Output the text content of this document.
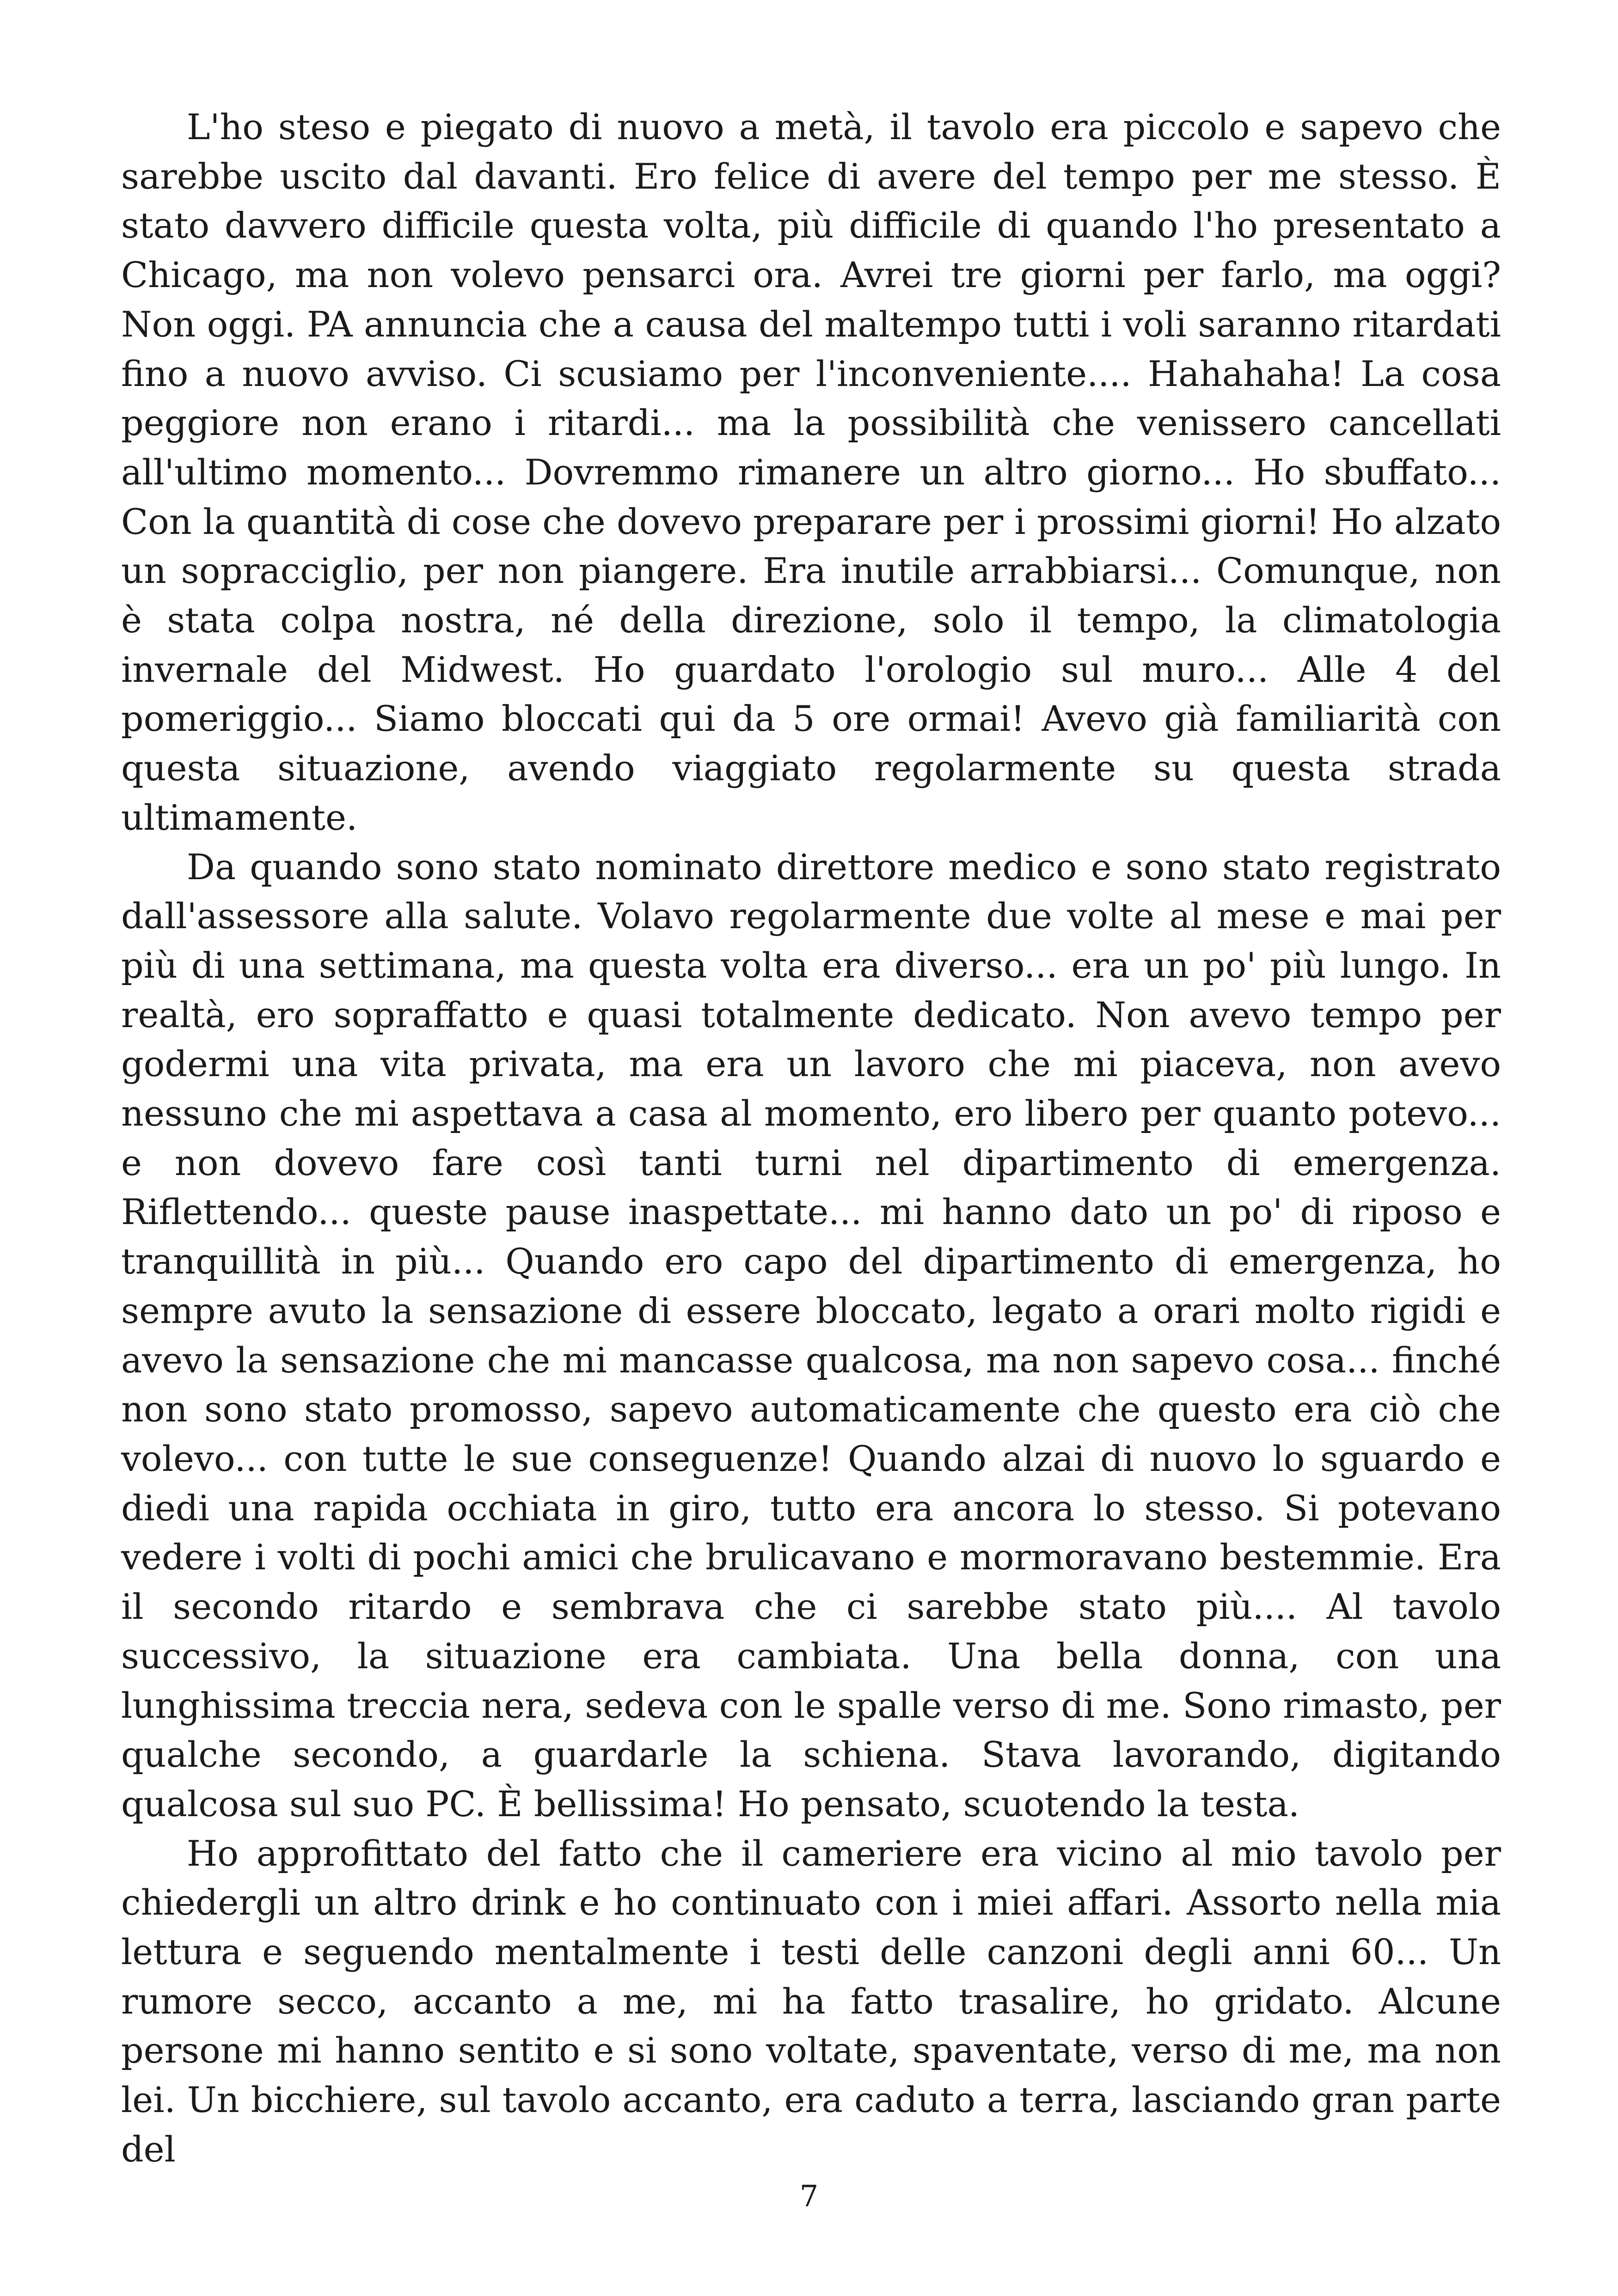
L'ho steso e piegato di nuovo a metà, il tavolo era piccolo e sapevo che sarebbe uscito dal davanti. Ero felice di avere del tempo per me stesso. È stato davvero difficile questa volta, più difficile di quando l'ho presentato a Chicago, ma non volevo pensarci ora. Avrei tre giorni per farlo, ma oggi? Non oggi. PA annuncia che a causa del maltempo tutti i voli saranno ritardati fino a nuovo avviso. Ci scusiamo per l'inconveniente.... Hahahaha! La cosa peggiore non erano i ritardi... ma la possibilità che venissero cancellati all'ultimo momento... Dovremmo rimanere un altro giorno... Ho sbuffato... Con la quantità di cose che dovevo preparare per i prossimi giorni! Ho alzato un sopracciglio, per non piangere. Era inutile arrabbiarsi... Comunque, non è stata colpa nostra, né della direzione, solo il tempo, la climatologia invernale del Midwest. Ho guardato l'orologio sul muro... Alle 4 del pomeriggio... Siamo bloccati qui da 5 ore ormai! Avevo già familiarità con questa situazione, avendo viaggiato regolarmente su questa strada ultimamente.

Da quando sono stato nominato direttore medico e sono stato registrato dall'assessore alla salute. Volavo regolarmente due volte al mese e mai per più di una settimana, ma questa volta era diverso... era un po' più lungo. In realtà, ero sopraffatto e quasi totalmente dedicato. Non avevo tempo per godermi una vita privata, ma era un lavoro che mi piaceva, non avevo nessuno che mi aspettava a casa al momento, ero libero per quanto potevo... e non dovevo fare così tanti turni nel dipartimento di emergenza. Riflettendo... queste pause inaspettate... mi hanno dato un po' di riposo e tranquillità in più... Quando ero capo del dipartimento di emergenza, ho sempre avuto la sensazione di essere bloccato, legato a orari molto rigidi e avevo la sensazione che mi mancasse qualcosa, ma non sapevo cosa... finché non sono stato promosso, sapevo automaticamente che questo era ciò che volevo... con tutte le sue conseguenze! Quando alzai di nuovo lo sguardo e diedi una rapida occhiata in giro, tutto era ancora lo stesso. Si potevano vedere i volti di pochi amici che brulicavano e mormoravano bestemmie. Era il secondo ritardo e sembrava che ci sarebbe stato più.... Al tavolo successivo, la situazione era cambiata. Una bella donna, con una lunghissima treccia nera, sedeva con le spalle verso di me. Sono rimasto, per qualche secondo, a guardarle la schiena. Stava lavorando, digitando qualcosa sul suo PC. È bellissima! Ho pensato, scuotendo la testa.

Ho approfittato del fatto che il cameriere era vicino al mio tavolo per chiedergli un altro drink e ho continuato con i miei affari. Assorto nella mia lettura e seguendo mentalmente i testi delle canzoni degli anni 60... Un rumore secco, accanto a me, mi ha fatto trasalire, ho gridato. Alcune persone mi hanno sentito e si sono voltate, spaventate, verso di me, ma non lei. Un bicchiere, sul tavolo accanto, era caduto a terra, lasciando gran parte del

7
